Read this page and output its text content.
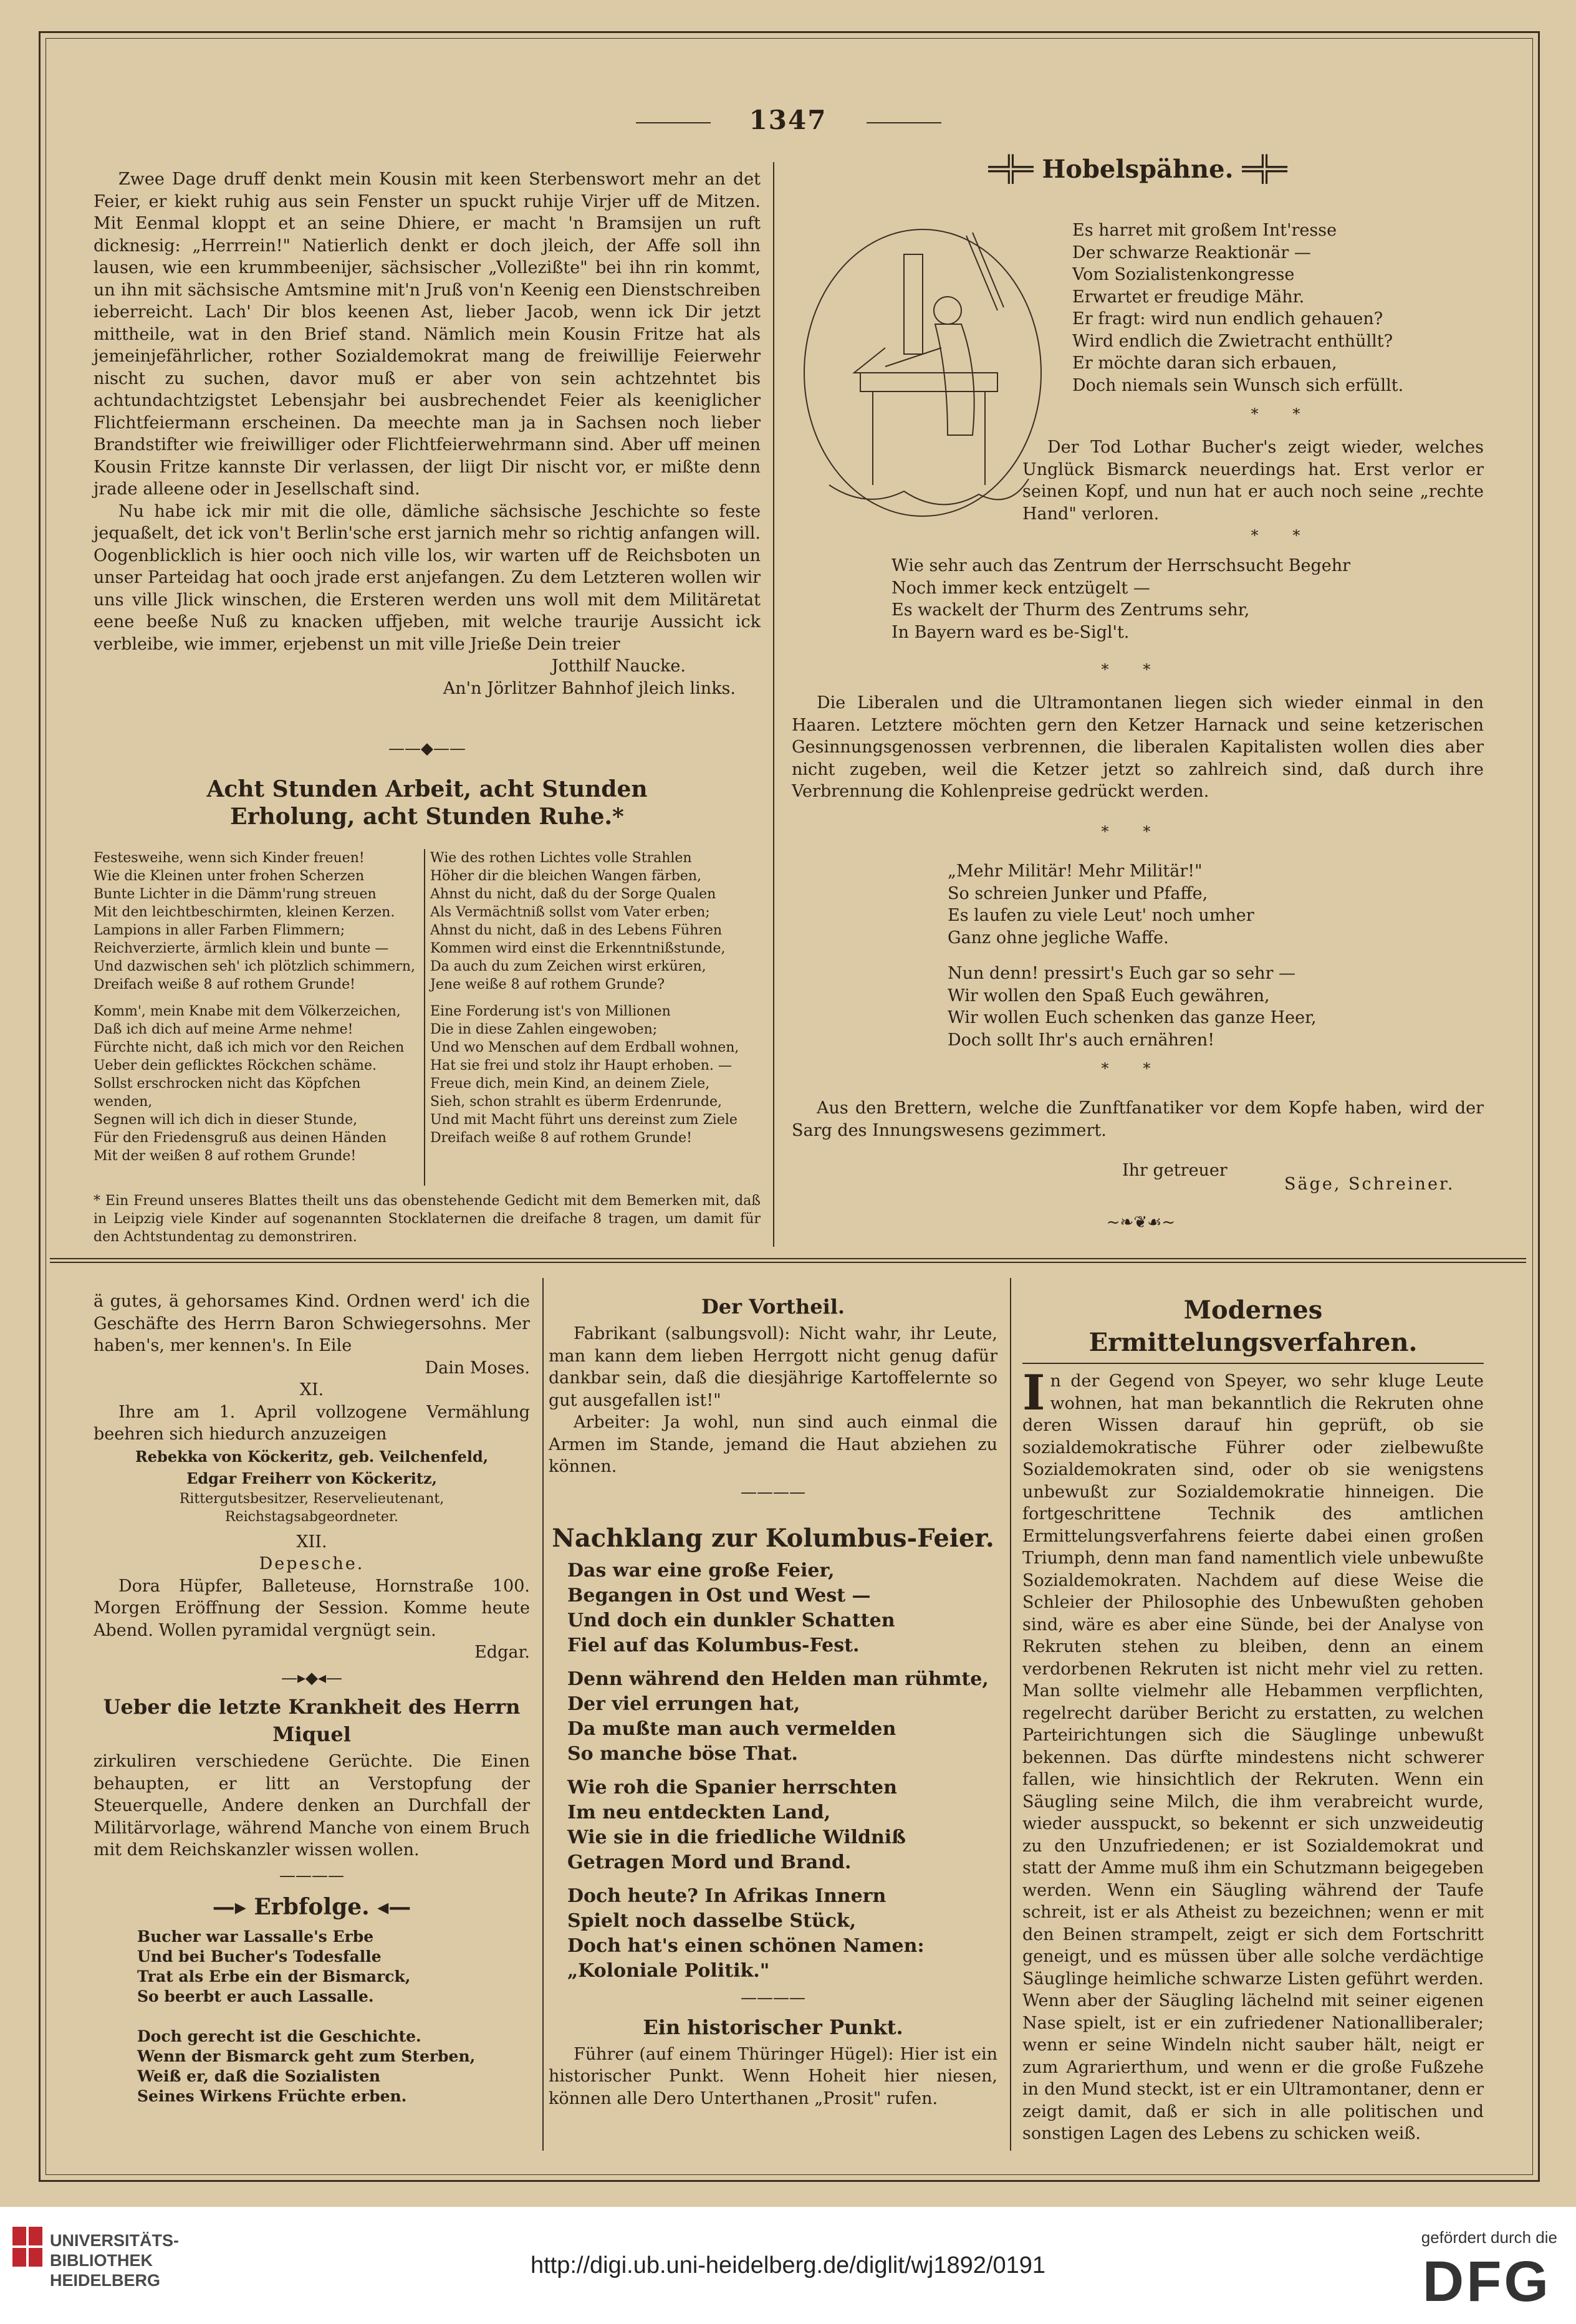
1347

Zwee Dage druff denkt mein Kousin mit keen Sterbenswort mehr an det Feier, er kiekt ruhig aus sein Fenster un spuckt ruhije Virjer uff de Mitzen. Mit Eenmal kloppt et an seine Dhiere, er macht 'n Bramsijen un ruft dicknesig: „Herrrein!" Natierlich denkt er doch jleich, der Affe soll ihn lausen, wie een krummbeenijer, sächsischer „Vollezißte" bei ihn rin kommt, un ihn mit sächsische Amtsmine mit'n Jruß von'n Keenig een Dienstschreiben ieberreicht. Lach' Dir blos keenen Ast, lieber Jacob, wenn ick Dir jetzt mittheile, wat in den Brief stand. Nämlich mein Kousin Fritze hat als jemeinjefährlicher, rother Sozialdemokrat mang de freiwillije Feierwehr nischt zu suchen, davor muß er aber von sein achtzehntet bis achtundachtzigstet Lebensjahr bei ausbrechendet Feier als keeniglicher Flichtfeiermann erscheinen. Da meechte man ja in Sachsen noch lieber Brandstifter wie freiwilliger oder Flichtfeierwehrmann sind. Aber uff meinen Kousin Fritze kannste Dir verlassen, der liigt Dir nischt vor, er mißte denn jrade alleene oder in Jesellschaft sind.

Nu habe ick mir mit die olle, dämliche sächsische Jeschichte so feste jequaßelt, det ick von't Berlin'sche erst jarnich mehr so richtig anfangen will. Oogenblicklich is hier ooch nich ville los, wir warten uff de Reichsboten un unser Parteidag hat ooch jrade erst anjefangen. Zu dem Letzteren wollen wir uns ville Jlick winschen, die Ersteren werden uns woll mit dem Militäretat eene beeße Nuß zu knacken uffjeben, mit welche traurije Aussicht ick verbleibe, wie immer, erjebenst un mit ville Jrieße Dein treier

Jotthilf Naucke.

An'n Jörlitzer Bahnhof jleich links.

——◆——
Acht Stunden Arbeit, acht Stunden Erholung, acht Stunden Ruhe.*

Festesweihe, wenn sich Kinder freuen!

Wie die Kleinen unter frohen Scherzen

Bunte Lichter in die Dämm'rung streuen

Mit den leichtbeschirmten, kleinen Kerzen.

Lampions in aller Farben Flimmern;

Reichverzierte, ärmlich klein und bunte —

Und dazwischen seh' ich plötzlich schimmern,

Dreifach weiße 8 auf rothem Grunde!

Komm', mein Knabe mit dem Völkerzeichen,

Daß ich dich auf meine Arme nehme!

Fürchte nicht, daß ich mich vor den Reichen

Ueber dein geflicktes Röckchen schäme.

Sollst erschrocken nicht das Köpfchen wenden,

Segnen will ich dich in dieser Stunde,

Für den Friedensgruß aus deinen Händen

Mit der weißen 8 auf rothem Grunde!

Wie des rothen Lichtes volle Strahlen

Höher dir die bleichen Wangen färben,

Ahnst du nicht, daß du der Sorge Qualen

Als Vermächtniß sollst vom Vater erben;

Ahnst du nicht, daß in des Lebens Führen

Kommen wird einst die Erkenntnißstunde,

Da auch du zum Zeichen wirst erküren,

Jene weiße 8 auf rothem Grunde?

Eine Forderung ist's von Millionen

Die in diese Zahlen eingewoben;

Und wo Menschen auf dem Erdball wohnen,

Hat sie frei und stolz ihr Haupt erhoben. —

Freue dich, mein Kind, an deinem Ziele,

Sieh, schon strahlt es überm Erdenrunde,

Und mit Macht führt uns dereinst zum Ziele

Dreifach weiße 8 auf rothem Grunde!

* Ein Freund unseres Blattes theilt uns das obenstehende Gedicht mit dem Bemerken mit, daß in Leipzig viele Kinder auf sogenannten Stocklaternen die dreifache 8 tragen, um damit für den Achtstundentag zu demonstriren.

═╬═ Hobelspähne. ═╬═

Es harret mit großem Int'resse

Der schwarze Reaktionär —

Vom Sozialistenkongresse

Erwartet er freudige Mähr.

Er fragt: wird nun endlich gehauen?

Wird endlich die Zwietracht enthüllt?

Er möchte daran sich erbauen,

Doch niemals sein Wunsch sich erfüllt.

*   *

Der Tod Lothar Bucher's zeigt wieder, welches Unglück Bismarck neuerdings hat. Erst verlor er seinen Kopf, und nun hat er auch noch seine „rechte Hand" verloren.

*   *

Wie sehr auch das Zentrum der Herrschsucht Begehr

Noch immer keck entzügelt —

Es wackelt der Thurm des Zentrums sehr,

In Bayern ward es be-Sigl't.

*   *

Die Liberalen und die Ultramontanen liegen sich wieder einmal in den Haaren. Letztere möchten gern den Ketzer Harnack und seine ketzerischen Gesinnungsgenossen verbrennen, die liberalen Kapitalisten wollen dies aber nicht zugeben, weil die Ketzer jetzt so zahlreich sind, daß durch ihre Verbrennung die Kohlenpreise gedrückt werden.

*   *

„Mehr Militär! Mehr Militär!"

So schreien Junker und Pfaffe,

Es laufen zu viele Leut' noch umher

Ganz ohne jegliche Waffe.

Nun denn! pressirt's Euch gar so sehr —

Wir wollen den Spaß Euch gewähren,

Wir wollen Euch schenken das ganze Heer,

Doch sollt Ihr's auch ernähren!

*   *

Aus den Brettern, welche die Zunftfanatiker vor dem Kopfe haben, wird der Sarg des Innungswesens gezimmert.

Ihr getreuer

Säge, Schreiner.

~❧❦☙~

ä gutes, ä gehorsames Kind. Ordnen werd' ich die Geschäfte des Herrn Baron Schwiegersohns. Mer haben's, mer kennen's. In Eile

Dain Moses.

XI.

Ihre am 1. April vollzogene Vermählung beehren sich hiedurch anzuzeigen

Rebekka von Köckeritz, geb. Veilchenfeld,

Edgar Freiherr von Köckeritz,

Rittergutsbesitzer, Reservelieutenant, Reichstagsabgeordneter.

XII.

Depesche.

Dora Hüpfer, Balleteuse, Hornstraße 100. Morgen Eröffnung der Session. Komme heute Abend. Wollen pyramidal vergnügt sein.

Edgar.

—▸◆◂—
Ueber die letzte Krankheit des Herrn Miquel

zirkuliren verschiedene Gerüchte. Die Einen behaupten, er litt an Verstopfung der Steuerquelle, Andere denken an Durchfall der Militärvorlage, während Manche von einem Bruch mit dem Reichskanzler wissen wollen.

————
—▸ Erbfolge. ◂—

Bucher war Lassalle's Erbe

Und bei Bucher's Todesfalle

Trat als Erbe ein der Bismarck,

So beerbt er auch Lassalle.

Doch gerecht ist die Geschichte.

Wenn der Bismarck geht zum Sterben,

Weiß er, daß die Sozialisten

Seines Wirkens Früchte erben.

Der Vortheil.

Fabrikant (salbungsvoll): Nicht wahr, ihr Leute, man kann dem lieben Herrgott nicht genug dafür dankbar sein, daß die diesjährige Kartoffelernte so gut ausgefallen ist!"

Arbeiter: Ja wohl, nun sind auch einmal die Armen im Stande, jemand die Haut abziehen zu können.

————
Nachklang zur Kolumbus-Feier.

Das war eine große Feier,

Begangen in Ost und West —

Und doch ein dunkler Schatten

Fiel auf das Kolumbus-Fest.

Denn während den Helden man rühmte,

Der viel errungen hat,

Da mußte man auch vermelden

So manche böse That.

Wie roh die Spanier herrschten

Im neu entdeckten Land,

Wie sie in die friedliche Wildniß

Getragen Mord und Brand.

Doch heute? In Afrikas Innern

Spielt noch dasselbe Stück,

Doch hat's einen schönen Namen:

„Koloniale Politik."

————
Ein historischer Punkt.

Führer (auf einem Thüringer Hügel): Hier ist ein historischer Punkt. Wenn Hoheit hier niesen, können alle Dero Unterthanen „Prosit" rufen.

Modernes Ermittelungsverfahren.

In der Gegend von Speyer, wo sehr kluge Leute wohnen, hat man bekanntlich die Rekruten ohne deren Wissen darauf hin geprüft, ob sie sozialdemokratische Führer oder zielbewußte Sozialdemokraten sind, oder ob sie wenigstens unbewußt zur Sozialdemokratie hinneigen. Die fortgeschrittene Technik des amtlichen Ermittelungsverfahrens feierte dabei einen großen Triumph, denn man fand namentlich viele unbewußte Sozialdemokraten. Nachdem auf diese Weise die Schleier der Philosophie des Unbewußten gehoben sind, wäre es aber eine Sünde, bei der Analyse von Rekruten stehen zu bleiben, denn an einem verdorbenen Rekruten ist nicht mehr viel zu retten. Man sollte vielmehr alle Hebammen verpflichten, regelrecht darüber Bericht zu erstatten, zu welchen Parteirichtungen sich die Säuglinge unbewußt bekennen. Das dürfte mindestens nicht schwerer fallen, wie hinsichtlich der Rekruten. Wenn ein Säugling seine Milch, die ihm verabreicht wurde, wieder ausspuckt, so bekennt er sich unzweideutig zu den Unzufriedenen; er ist Sozialdemokrat und statt der Amme muß ihm ein Schutzmann beigegeben werden. Wenn ein Säugling während der Taufe schreit, ist er als Atheist zu bezeichnen; wenn er mit den Beinen strampelt, zeigt er sich dem Fortschritt geneigt, und es müssen über alle solche verdächtige Säuglinge heimliche schwarze Listen geführt werden. Wenn aber der Säugling lächelnd mit seiner eigenen Nase spielt, ist er ein zufriedener Nationalliberaler; wenn er seine Windeln nicht sauber hält, neigt er zum Agrarierthum, und wenn er die große Fußzehe in den Mund steckt, ist er ein Ultramontaner, denn er zeigt damit, daß er sich in alle politischen und sonstigen Lagen des Lebens zu schicken weiß.

UNIVERSITÄTS-
BIBLIOTHEK
HEIDELBERG
http://digi.ub.uni-heidelberg.de/diglit/wj1892/0191
gefördert durch die
DFG
